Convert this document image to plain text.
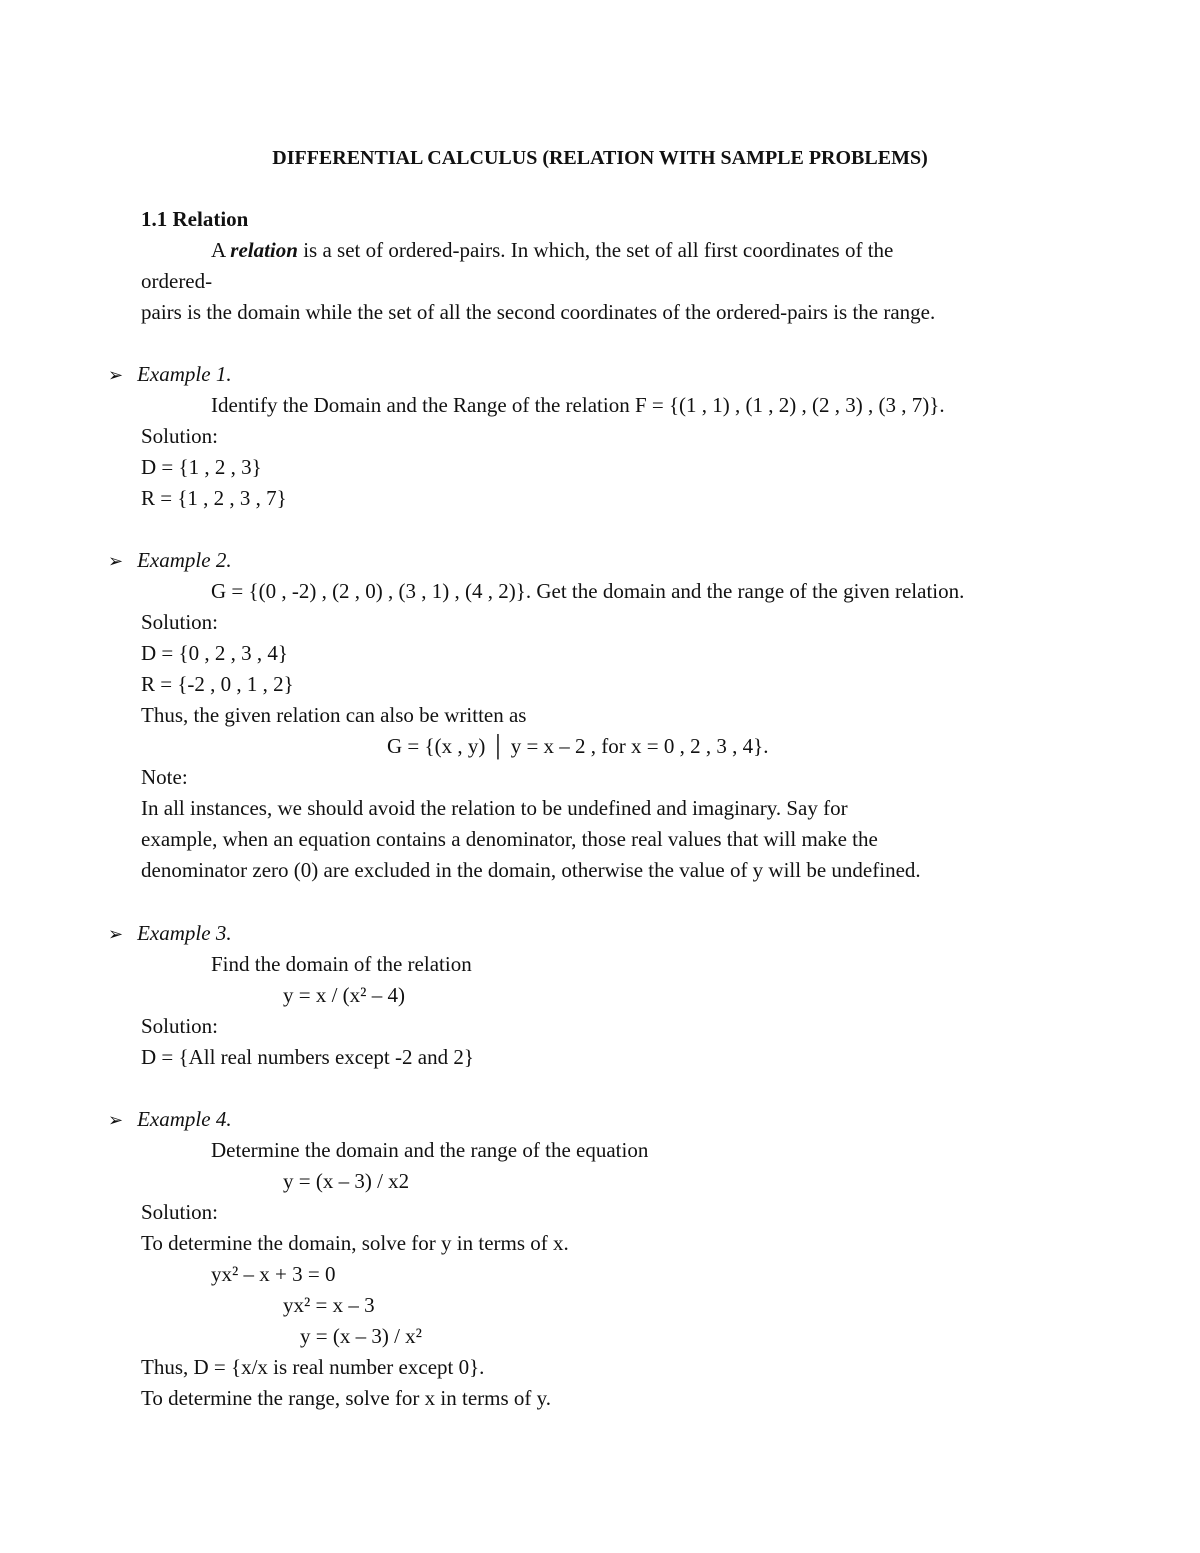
DIFFERENTIAL CALCULUS (RELATION WITH SAMPLE PROBLEMS)
1.1 Relation
A relation is a set of ordered-pairs. In which, the set of all first coordinates of the
ordered-
pairs is the domain while the set of all the second coordinates of the ordered-pairs is the range.
➢ Example 1.
Identify the Domain and the Range of the relation F = {(1 , 1) , (1 , 2) , (2 , 3) , (3 , 7)}.
Solution:
D = {1 , 2 , 3}
R = {1 , 2 , 3 , 7}
➢ Example 2.
G = {(0 , -2) , (2 , 0) , (3 , 1) , (4 , 2)}. Get the domain and the range of the given relation.
Solution:
D = {0 , 2 , 3 , 4}
R = {-2 , 0 , 1 , 2}
Thus, the given relation can also be written as
G = {(x , y) │ y = x – 2 , for x = 0 , 2 , 3 , 4}.
Note:
In all instances, we should avoid the relation to be undefined and imaginary. Say for
example, when an equation contains a denominator, those real values that will make the
denominator zero (0) are excluded in the domain, otherwise the value of y will be undefined.
➢ Example 3.
Find the domain of the relation
y = x / (x² – 4)
Solution:
D = {All real numbers except -2 and 2}
➢ Example 4.
Determine the domain and the range of the equation
y = (x – 3) / x2
Solution:
To determine the domain, solve for y in terms of x.
yx² – x + 3 = 0
yx² = x – 3
y = (x – 3) / x²
Thus, D = {x/x is real number except 0}.
To determine the range, solve for x in terms of y.
